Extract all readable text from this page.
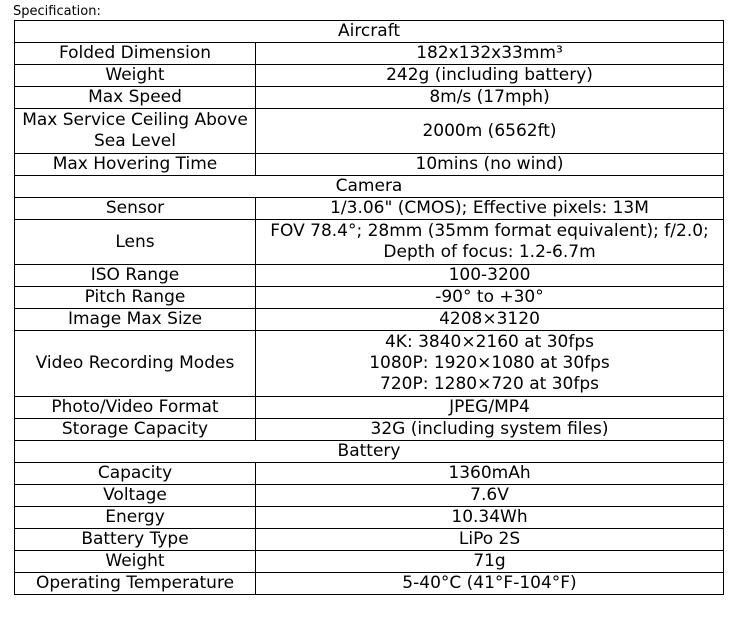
Specification:
Aircraft	
Folded Dimension	182x132x33mm³
Weight	242g (including battery)
Max Speed	8m/s (17mph)
Max Service Ceiling Above Sea Level	2000m (6562ft)
Max Hovering Time	10mins (no wind)
Camera	
Sensor	1/3.06" (CMOS); Effective pixels: 13M
Lens	FOV 78.4°; 28mm (35mm format equivalent); f/2.0; Depth of focus: 1.2-6.7m
ISO Range	100-3200
Pitch Range	-90° to +30°
Image Max Size	4208×3120
Video Recording Modes	4K: 3840×2160 at 30fps
1080P: 1920×1080 at 30fps
720P: 1280×720 at 30fps

Photo/Video Format	JPEG/MP4
Storage Capacity	32G (including system files)
Battery	
Capacity	1360mAh
Voltage	7.6V
Energy	10.34Wh
Battery Type	LiPo 2S
Weight	71g
Operating Temperature	5-40°C (41°F-104°F)
